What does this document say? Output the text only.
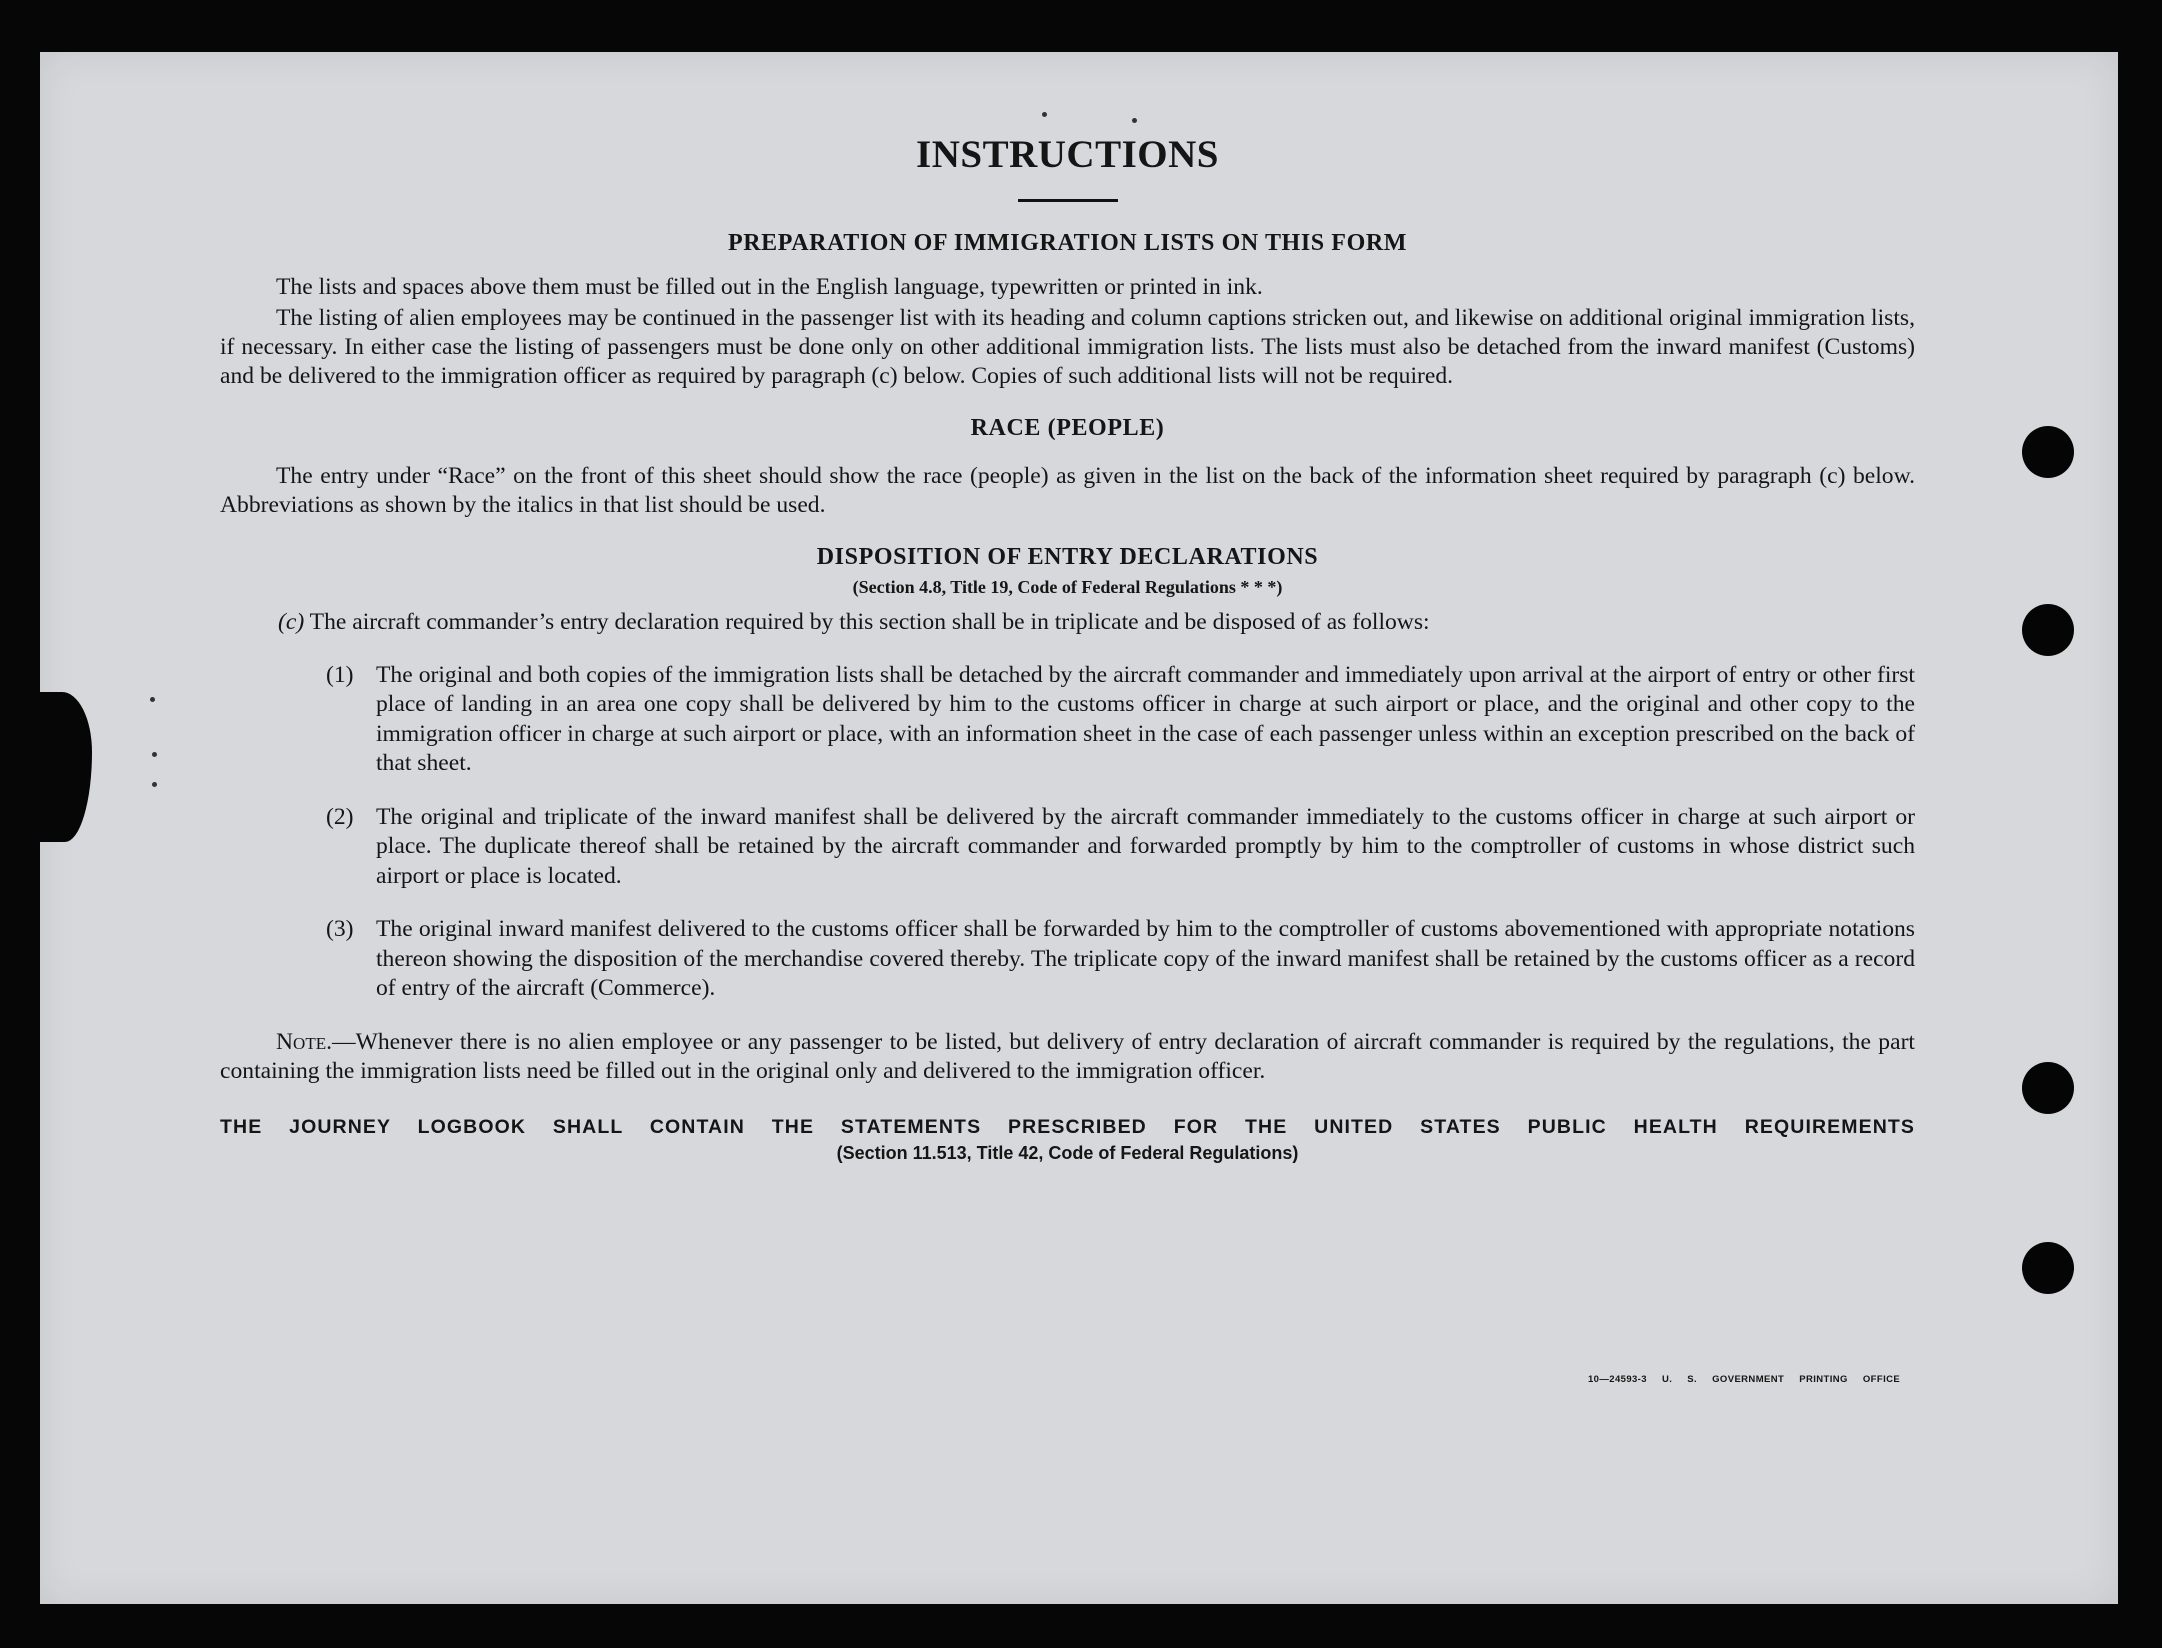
INSTRUCTIONS
PREPARATION OF IMMIGRATION LISTS ON THIS FORM

The lists and spaces above them must be filled out in the English language, typewritten or printed in ink.

The listing of alien employees may be continued in the passenger list with its heading and column captions stricken out, and likewise on additional original immigration lists, if necessary. In either case the listing of passengers must be done only on other additional immigration lists. The lists must also be detached from the inward manifest (Customs) and be delivered to the immigration officer as required by paragraph (c) below. Copies of such additional lists will not be required.

RACE (PEOPLE)

The entry under “Race” on the front of this sheet should show the race (people) as given in the list on the back of the information sheet required by paragraph (c) below. Abbreviations as shown by the italics in that list should be used.

DISPOSITION OF ENTRY DECLARATIONS
(Section 4.8, Title 19, Code of Federal Regulations * * *)

(c) The aircraft commander’s entry declaration required by this section shall be in triplicate and be disposed of as follows:

(1) The original and both copies of the immigration lists shall be detached by the aircraft commander and immediately upon arrival at the airport of entry or other first place of landing in an area one copy shall be delivered by him to the customs officer in charge at such airport or place, and the original and other copy to the immigration officer in charge at such airport or place, with an information sheet in the case of each passenger unless within an exception prescribed on the back of that sheet.
(2) The original and triplicate of the inward manifest shall be delivered by the aircraft commander immediately to the customs officer in charge at such airport or place. The duplicate thereof shall be retained by the aircraft commander and forwarded promptly by him to the comptroller of customs in whose district such airport or place is located.
(3) The original inward manifest delivered to the customs officer shall be forwarded by him to the comptroller of customs abovementioned with appropriate notations thereon showing the disposition of the merchandise covered thereby. The triplicate copy of the inward manifest shall be retained by the customs officer as a record of entry of the aircraft (Commerce).

Note.—Whenever there is no alien employee or any passenger to be listed, but delivery of entry declaration of aircraft commander is required by the regulations, the part containing the immigration lists need be filled out in the original only and delivered to the immigration officer.

THE JOURNEY LOGBOOK SHALL CONTAIN THE STATEMENTS PRESCRIBED FOR THE UNITED STATES PUBLIC HEALTH REQUIREMENTS
(Section 11.513, Title 42, Code of Federal Regulations)
10—24593-3 U. S. GOVERNMENT PRINTING OFFICE
